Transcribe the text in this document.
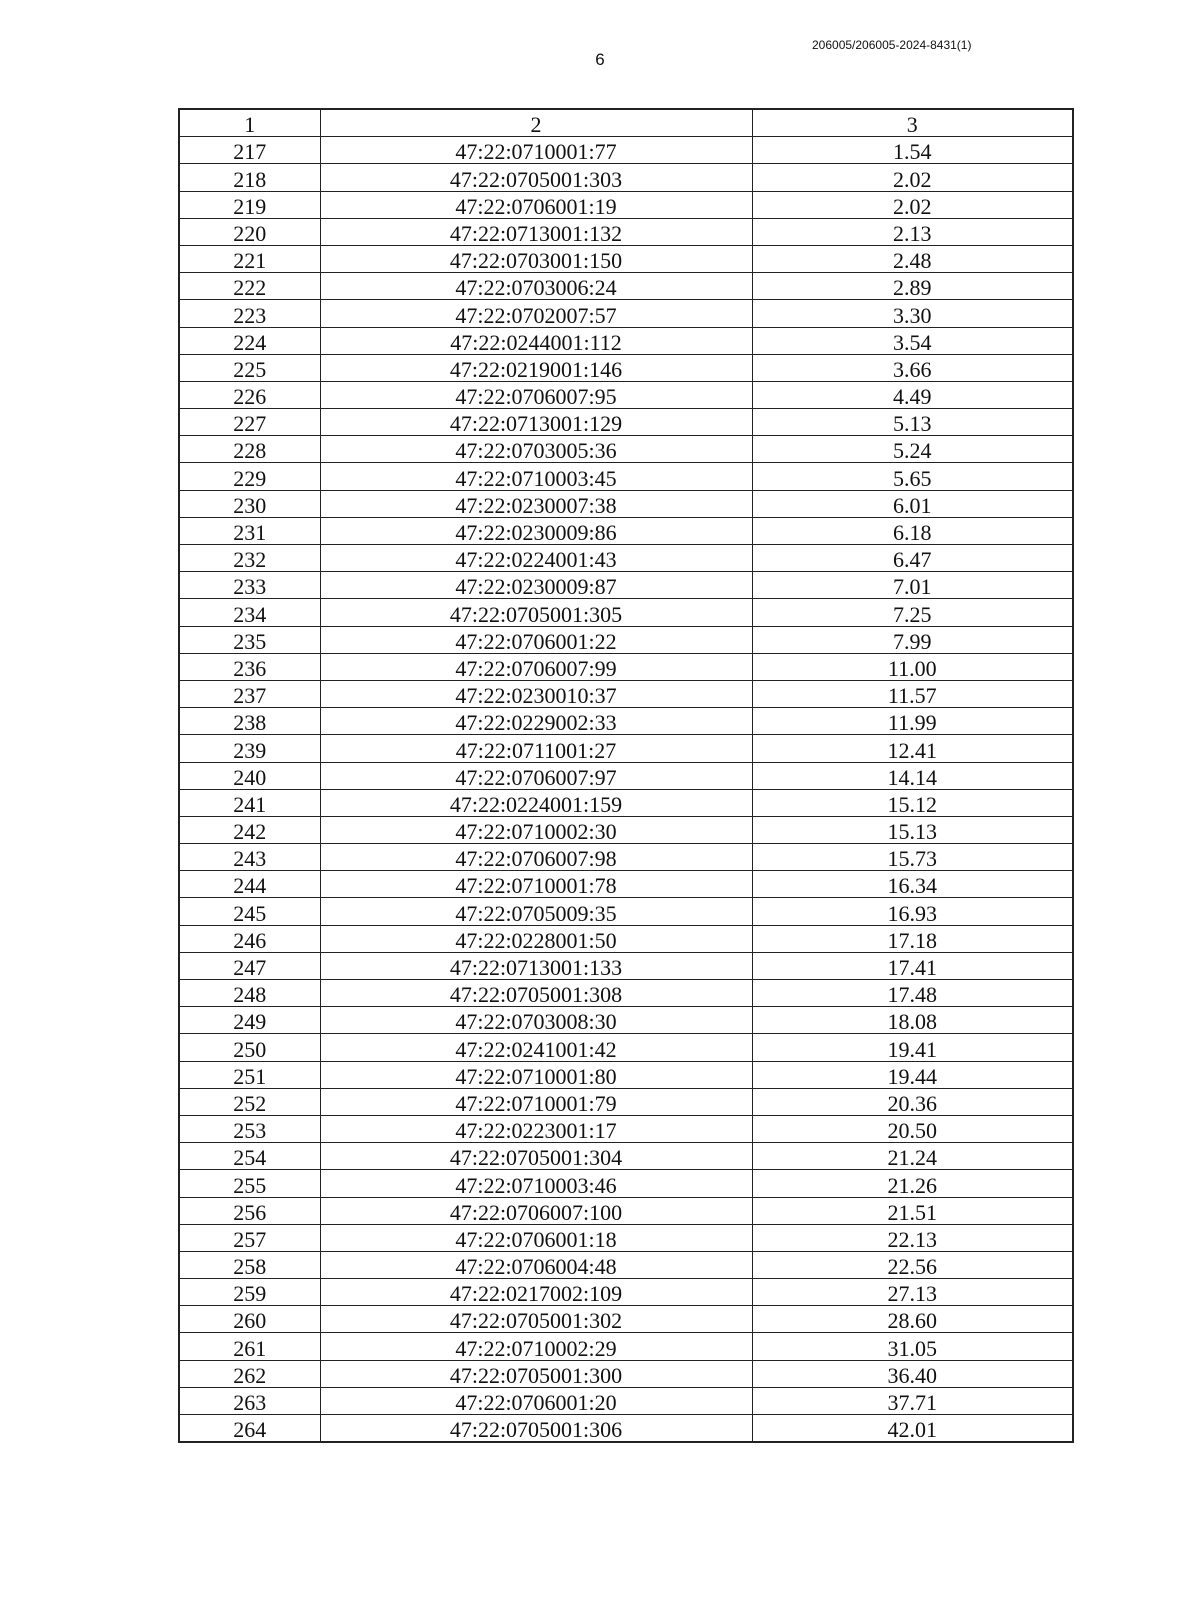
6
206005/206005-2024-8431(1)
1	2	3
217	47:22:0710001:77	1.54
218	47:22:0705001:303	2.02
219	47:22:0706001:19	2.02
220	47:22:0713001:132	2.13
221	47:22:0703001:150	2.48
222	47:22:0703006:24	2.89
223	47:22:0702007:57	3.30
224	47:22:0244001:112	3.54
225	47:22:0219001:146	3.66
226	47:22:0706007:95	4.49
227	47:22:0713001:129	5.13
228	47:22:0703005:36	5.24
229	47:22:0710003:45	5.65
230	47:22:0230007:38	6.01
231	47:22:0230009:86	6.18
232	47:22:0224001:43	6.47
233	47:22:0230009:87	7.01
234	47:22:0705001:305	7.25
235	47:22:0706001:22	7.99
236	47:22:0706007:99	11.00
237	47:22:0230010:37	11.57
238	47:22:0229002:33	11.99
239	47:22:0711001:27	12.41
240	47:22:0706007:97	14.14
241	47:22:0224001:159	15.12
242	47:22:0710002:30	15.13
243	47:22:0706007:98	15.73
244	47:22:0710001:78	16.34
245	47:22:0705009:35	16.93
246	47:22:0228001:50	17.18
247	47:22:0713001:133	17.41
248	47:22:0705001:308	17.48
249	47:22:0703008:30	18.08
250	47:22:0241001:42	19.41
251	47:22:0710001:80	19.44
252	47:22:0710001:79	20.36
253	47:22:0223001:17	20.50
254	47:22:0705001:304	21.24
255	47:22:0710003:46	21.26
256	47:22:0706007:100	21.51
257	47:22:0706001:18	22.13
258	47:22:0706004:48	22.56
259	47:22:0217002:109	27.13
260	47:22:0705001:302	28.60
261	47:22:0710002:29	31.05
262	47:22:0705001:300	36.40
263	47:22:0706001:20	37.71
264	47:22:0705001:306	42.01
